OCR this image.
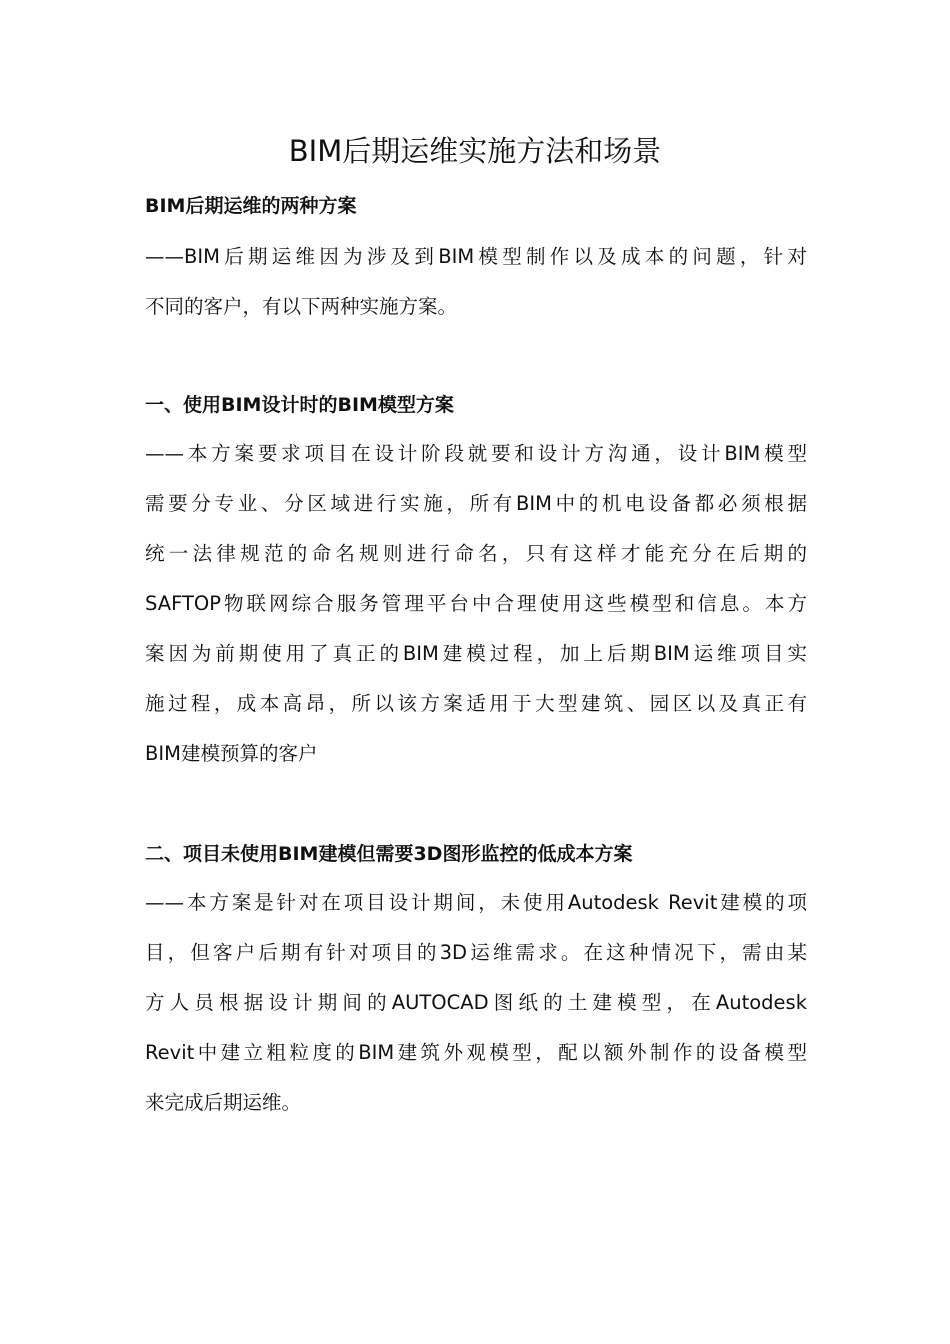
BIM后期运维实施方法和场景
BIM后期运维的两种方案
——BIM后期运维因为涉及到BIM模型制作以及成本的问题，针对
不同的客户，有以下两种实施方案。
一、使用BIM设计时的BIM模型方案
——本方案要求项目在设计阶段就要和设计方沟通，设计BIM模型
需要分专业、分区域进行实施，所有BIM中的机电设备都必须根据
统一法律规范的命名规则进行命名，只有这样才能充分在后期的
SAFTOP物联网综合服务管理平台中合理使用这些模型和信息。本方
案因为前期使用了真正的BIM建模过程，加上后期BIM运维项目实
施过程，成本高昂，所以该方案适用于大型建筑、园区以及真正有
BIM建模预算的客户
二、项目未使用BIM建模但需要3D图形监控的低成本方案
——本方案是针对在项目设计期间，未使用Autodesk Revit建模的项
目，但客户后期有针对项目的3D运维需求。在这种情况下，需由某
方人员根据设计期间的AUTOCAD图纸的土建模型，在Autodesk
Revit中建立粗粒度的BIM建筑外观模型，配以额外制作的设备模型
来完成后期运维。
